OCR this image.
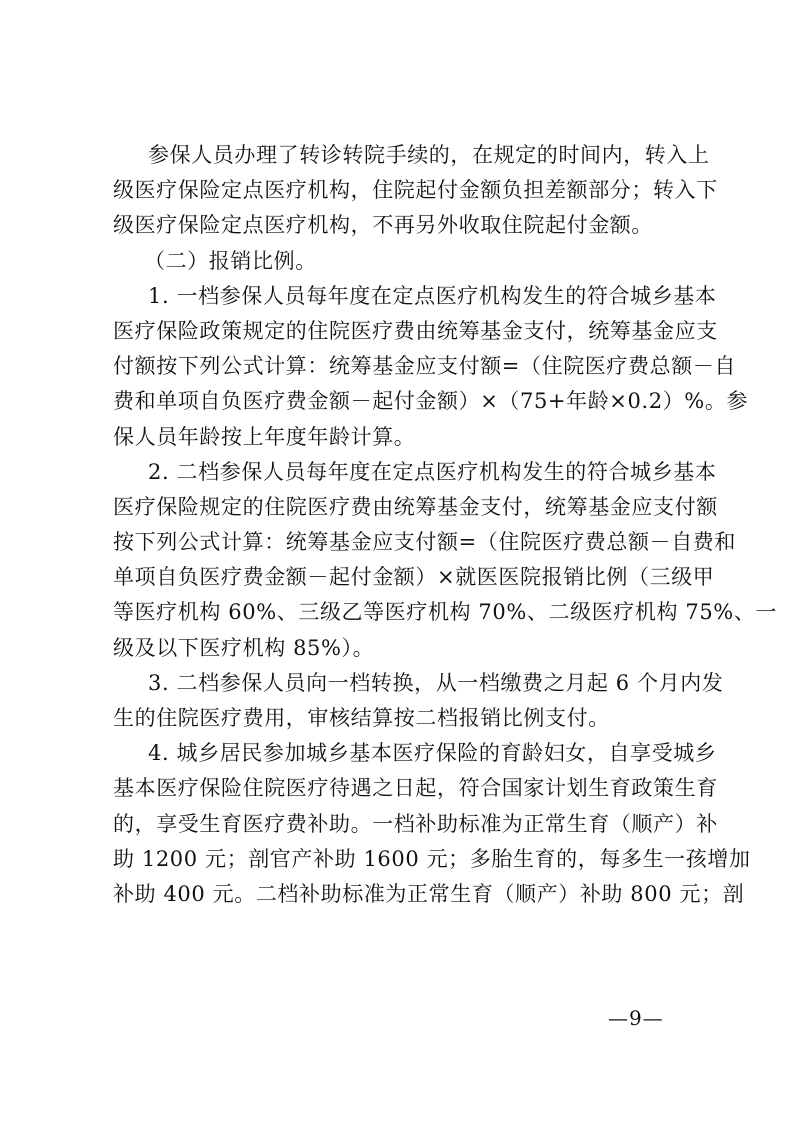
参保人员办理了转诊转院手续的，在规定的时间内，转入上
级医疗保险定点医疗机构，住院起付金额负担差额部分；转入下
级医疗保险定点医疗机构，不再另外收取住院起付金额。
（二）报销比例。
1. 一档参保人员每年度在定点医疗机构发生的符合城乡基本
医疗保险政策规定的住院医疗费由统筹基金支付，统筹基金应支
付额按下列公式计算：统筹基金应支付额=（住院医疗费总额－自
费和单项自负医疗费金额－起付金额）×（75+年龄×0.2）%。参
保人员年龄按上年度年龄计算。
2. 二档参保人员每年度在定点医疗机构发生的符合城乡基本
医疗保险规定的住院医疗费由统筹基金支付，统筹基金应支付额
按下列公式计算：统筹基金应支付额=（住院医疗费总额－自费和
单项自负医疗费金额－起付金额）×就医医院报销比例（三级甲
等医疗机构 60%、三级乙等医疗机构 70%、二级医疗机构 75%、一
级及以下医疗机构 85%）。
3. 二档参保人员向一档转换，从一档缴费之月起 6 个月内发
生的住院医疗费用，审核结算按二档报销比例支付。
4. 城乡居民参加城乡基本医疗保险的育龄妇女，自享受城乡
基本医疗保险住院医疗待遇之日起，符合国家计划生育政策生育
的，享受生育医疗费补助。一档补助标准为正常生育（顺产）补
助 1200 元；剖官产补助 1600 元；多胎生育的，每多生一孩增加
补助 400 元。二档补助标准为正常生育（顺产）补助 800 元；剖
—9—
